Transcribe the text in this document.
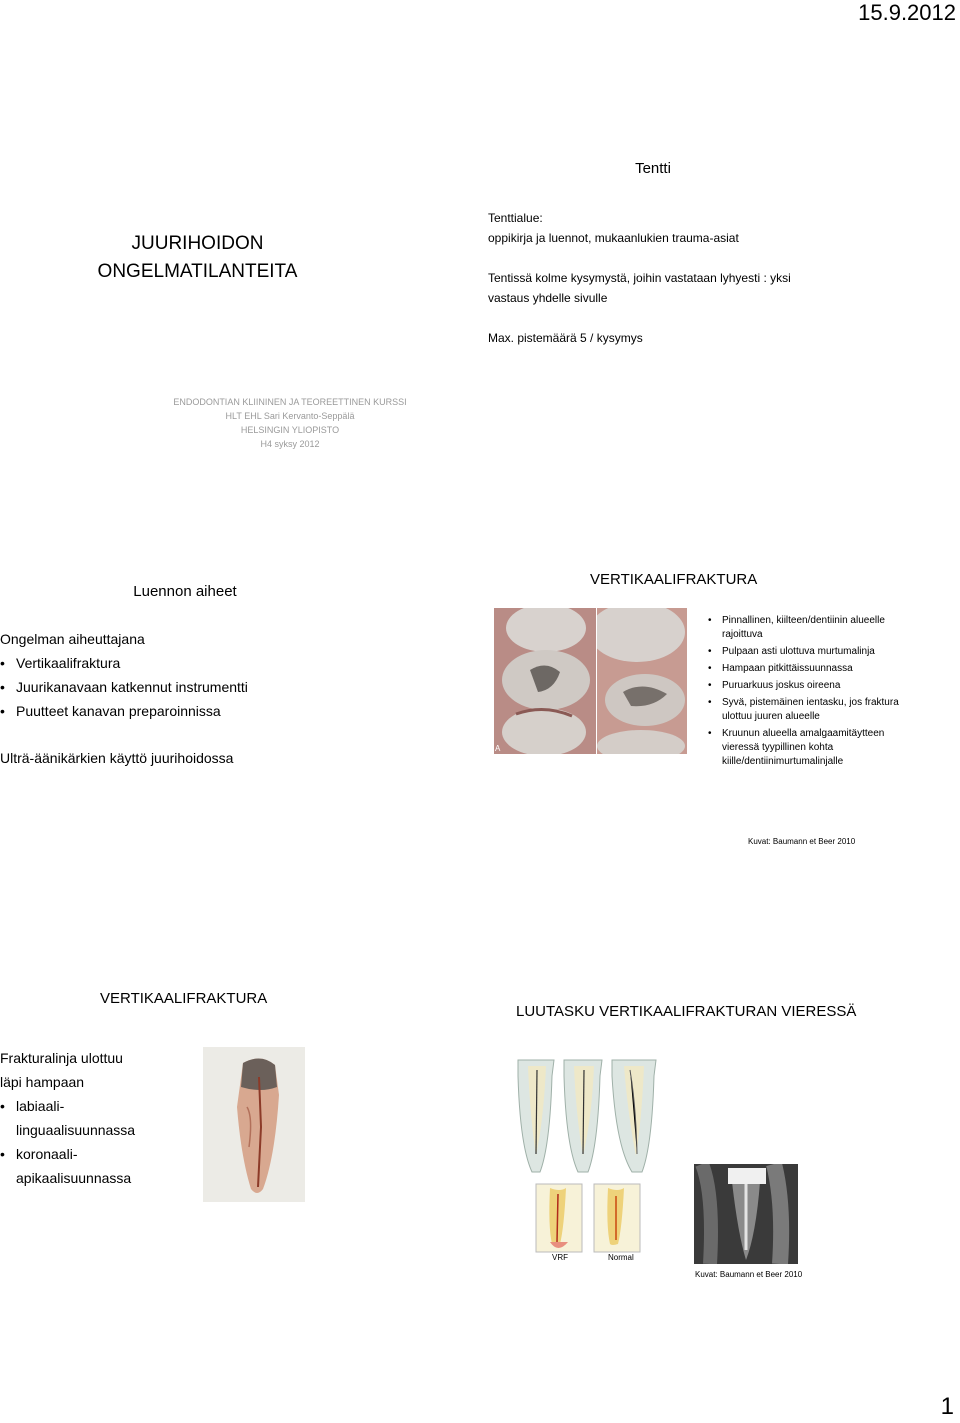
15.9.2012
1
JUURIHOIDON
ONGELMATILANTEITA
ENDODONTIAN KLIININEN JA TEOREETTINEN KURSSI
HLT EHL Sari Kervanto-Seppälä
HELSINGIN YLIOPISTO
H4 syksy 2012
Tentti
Tenttialue:
oppikirja ja luennot, mukaanlukien trauma-asiat
Tentissä kolme kysymystä, joihin vastataan lyhyesti : yksi
vastaus yhdelle sivulle
Max. pistemäärä 5 / kysymys
Luennon aiheet
Ongelman aiheuttajana
• Vertikaalifraktura
• Juurikanavaan katkennut instrumentti
• Puutteet kanavan preparoinnissa
Ulträ-äänikärkien käyttö juurihoidossa
VERTIKAALIFRAKTURA
A
• Pinnallinen, kiilteen/dentiinin alueelle rajoittuva
• Pulpaan asti ulottuva murtumalinja
• Hampaan pitkittäissuunnassa
• Puruarkuus joskus oireena
• Syvä, pistemäinen ientasku, jos fraktura ulottuu juuren alueelle
• Kruunun alueella amalgaamitäytteen vieressä tyypillinen kohta kiille/dentiinimurtumalinjalle
Kuvat: Baumann et Beer 2010
VERTIKAALIFRAKTURA
Frakturalinja ulottuu
läpi hampaan
• labiaali-
linguaalisuunnassa
• koronaali-
apikaalisuunnassa
LUUTASKU VERTIKAALIFRAKTURAN VIERESSÄ
VRF	Normal
Kuvat: Baumann et Beer 2010
